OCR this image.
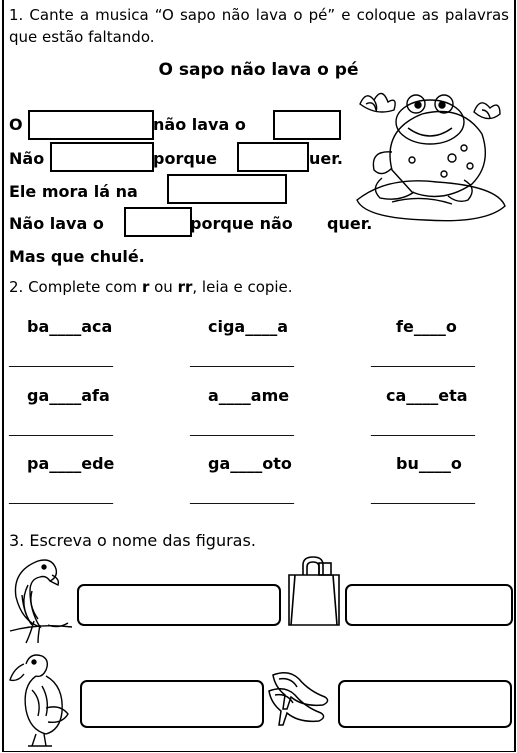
1. Cante a musica “O sapo não lava o pé” e coloque as palavras que estão faltando.
O sapo não lava o pé
O	não lava o
Não	porque	uer.
Ele mora lá na
Não lava o	porque não quer.
Mas que chulé.
2. Complete com r ou rr, leia e copie.
ba____aca	ciga____a	fe____o
________________	________________	________________
ga____afa	a____ame	ca____eta
________________	________________	________________
pa____ede	ga____oto	bu____o
________________	________________	________________
3. Escreva o nome das figuras.
